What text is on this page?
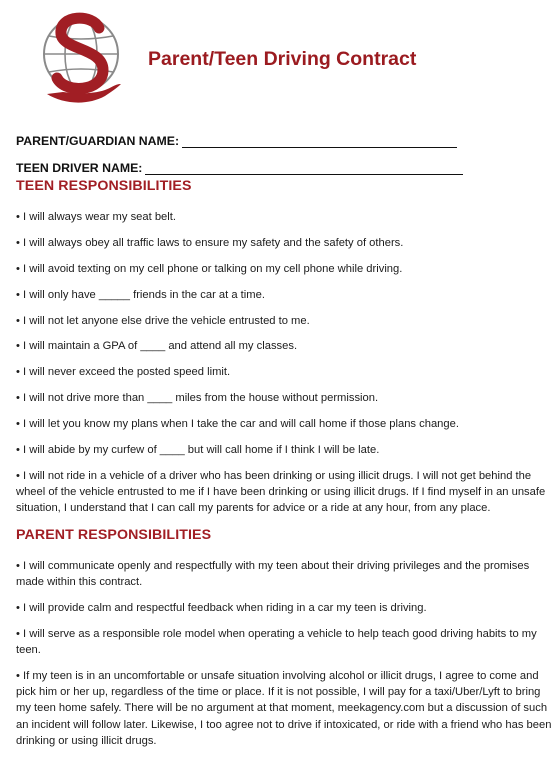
Parent/Teen Driving Contract
PARENT/GUARDIAN NAME:
TEEN DRIVER NAME:
TEEN RESPONSIBILITIES

• I will always wear my seat belt.

• I will always obey all traffic laws to ensure my safety and the safety of others.

• I will avoid texting on my cell phone or talking on my cell phone while driving.

• I will only have _____ friends in the car at a time.

• I will not let anyone else drive the vehicle entrusted to me.

• I will maintain a GPA of ____ and attend all my classes.

• I will never exceed the posted speed limit.

• I will not drive more than ____ miles from the house without permission.

• I will let you know my plans when I take the car and will call home if those plans change.

• I will abide by my curfew of ____ but will call home if I think I will be late.

• I will not ride in a vehicle of a driver who has been drinking or using illicit drugs. I will not get behind the wheel of the vehicle entrusted to me if I have been drinking or using illicit drugs. If I find myself in an unsafe situation, I understand that I can call my parents for advice or a ride at any hour, from any place.

PARENT RESPONSIBILITIES

• I will communicate openly and respectfully with my teen about their driving privileges and the promises made within this contract.

• I will provide calm and respectful feedback when riding in a car my teen is driving.

• I will serve as a responsible role model when operating a vehicle to help teach good driving habits to my teen.

• If my teen is in an uncomfortable or unsafe situation involving alcohol or illicit drugs, I agree to come and pick him or her up, regardless of the time or place. If it is not possible, I will pay for a taxi/Uber/Lyft to bring my teen home safely. There will be no argument at that moment, meekagency.com but a discussion of such an incident will follow later. Likewise, I too agree not to drive if intoxicated, or ride with a friend who has been drinking or using illicit drugs.
